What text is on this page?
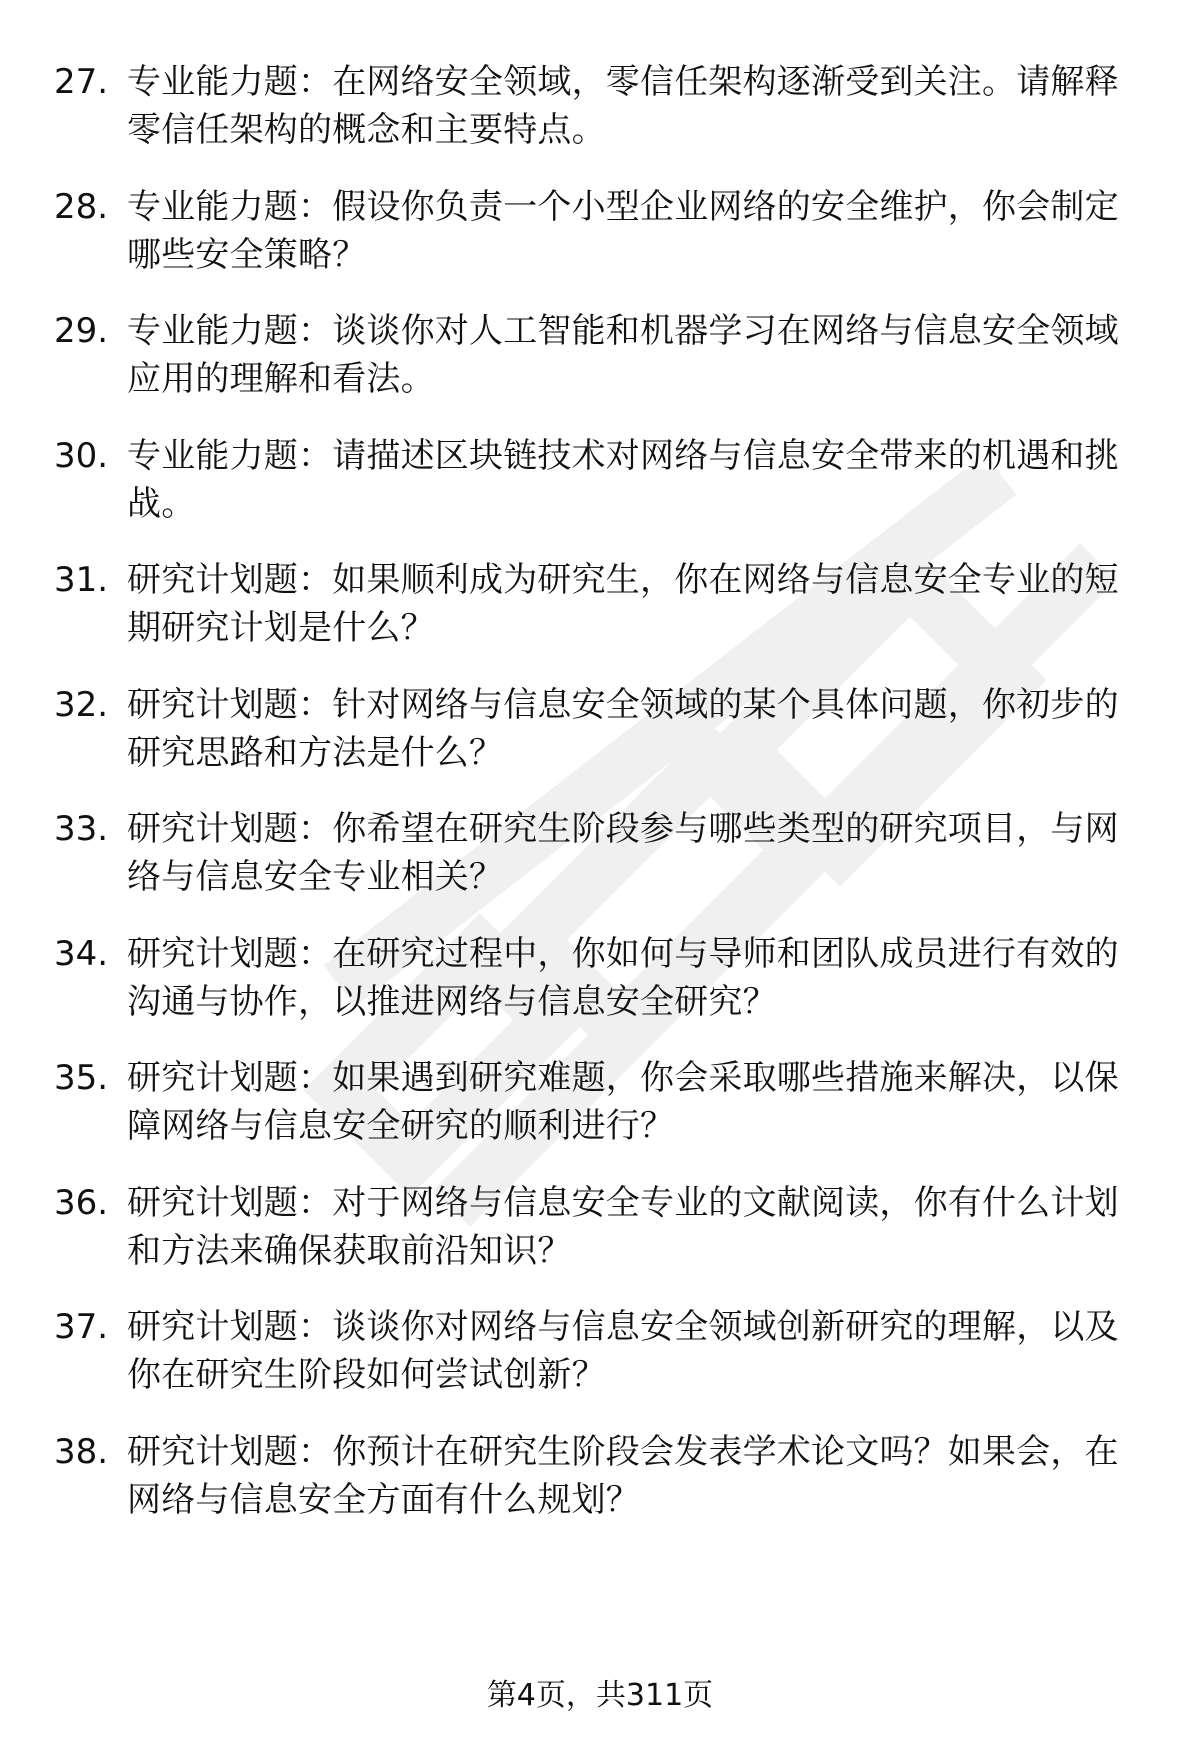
27. 专业能力题：在网络安全领域，零信任架构逐渐受到关注。请解释零信任架构的概念和主要特点。
28. 专业能力题：假设你负责一个小型企业网络的安全维护，你会制定哪些安全策略？
29. 专业能力题：谈谈你对人工智能和机器学习在网络与信息安全领域应用的理解和看法。
30. 专业能力题：请描述区块链技术对网络与信息安全带来的机遇和挑战。
31. 研究计划题：如果顺利成为研究生，你在网络与信息安全专业的短期研究计划是什么？
32. 研究计划题：针对网络与信息安全领域的某个具体问题，你初步的研究思路和方法是什么？
33. 研究计划题：你希望在研究生阶段参与哪些类型的研究项目，与网络与信息安全专业相关？
34. 研究计划题：在研究过程中，你如何与导师和团队成员进行有效的沟通与协作，以推进网络与信息安全研究？
35. 研究计划题：如果遇到研究难题，你会采取哪些措施来解决，以保障网络与信息安全研究的顺利进行？
36. 研究计划题：对于网络与信息安全专业的文献阅读，你有什么计划和方法来确保获取前沿知识？
37. 研究计划题：谈谈你对网络与信息安全领域创新研究的理解，以及你在研究生阶段如何尝试创新？
38. 研究计划题：你预计在研究生阶段会发表学术论文吗？如果会，在网络与信息安全方面有什么规划？
第4页，共311页
